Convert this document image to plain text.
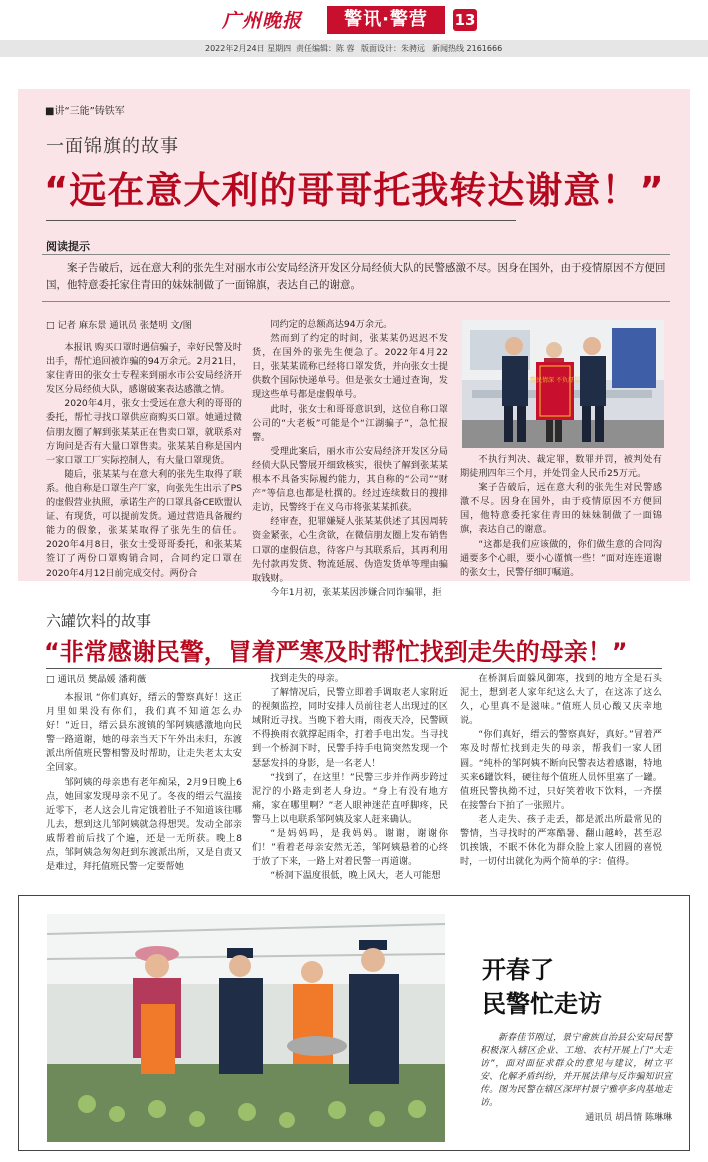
广州晚报	警讯·警营	13
2022年2月24日 星期四 责任编辑：陈 蓉 版面设计：朱骋远 新闻热线 2161666
■讲“三能”铸铁军
一面锦旗的故事
“远在意大利的哥哥托我转达谢意！”
阅读提示
案子告破后，远在意大利的张先生对丽水市公安局经济开发区分局经侦大队的民警感激不尽。因身在国外，由于疫情原因不方便回国，他特意委托家住青田的妹妹制做了一面锦旗，表达自己的谢意。
□ 记者 麻东景 通讯员 张楚明 文/图

本报讯 购买口罩时遇信骗子，幸好民警及时出手，帮忙追回被诈骗的94万余元。2月21日，家住青田的张女士专程来到丽水市公安局经济开发区分局经侦大队，感谢破案表达感激之情。

2020年4月，张女士受远在意大利的哥哥的委托，帮忙寻找口罩供应商购买口罩。她通过微信朋友圈了解到张某某正在售卖口罩，就联系对方询问是否有大量口罩售卖。张某某自称是国内一家口罩工厂实际控制人，有大量口罩现货。

随后，张某某与在意大利的张先生取得了联系。他自称是口罩生产厂家，向张先生出示了PS的虚假营业执照，承诺生产的口罩具备CE欧盟认证、有现货，可以提前发货。通过营造具备履约能力的假象，张某某取得了张先生的信任。2020年4月8日，张女士受哥哥委托，和张某某签订了两份口罩购销合同，合同约定口罩在2020年4月12日前完成交付。两份合

同约定的总额高达94万余元。

然而到了约定的时间，张某某仍迟迟不发货，在国外的张先生便急了。2022年4月22日，张某某谎称已经将口罩发货，并向张女士提供数个国际快递单号。但是张女士通过查询，发现这些单号都是虚假单号。

此时，张女士和哥哥意识到，这位自称口罩公司的“大老板”可能是个“江湖骗子”，急忙报警。

受理此案后，丽水市公安局经济开发区分局经侦大队民警展开细致核实，很快了解到张某某根本不具备实际履约能力，其自称的“公司”“财产”等信息也都是杜撰的。经过连续数日的搜排走访，民警终于在义乌市将张某某抓获。

经审查，犯罪嫌疑人张某某供述了其因周转资金紧张，心生贪欲，在微信朋友圈上发布销售口罩的虚假信息，待客户与其联系后，其再利用先付款再发货、物流延展、伪造发货单等理由骗取钱财。

今年1月初，张某某因涉嫌合同诈骗罪，拒

警民情深 不负厚望

不执行判决、裁定罪，数罪并罚，被判处有期徒刑四年三个月，并处罚金人民币25万元。

案子告破后，远在意大利的张先生对民警感激不尽。因身在国外，由于疫情原因不方便回国，他特意委托家住青田的妹妹制做了一面锦旗，表达自己的谢意。

“这都是我们应该做的，你们做生意的合同沟通要多个心眼，要小心谨慎一些！”面对连连道谢的张女士，民警仔细叮嘱道。

六罐饮料的故事
“非常感谢民警，冒着严寒及时帮忙找到走失的母亲！”
□ 通讯员 樊晶媛 潘莉薇

本报讯 “你们真好，缙云的警察真好！这正月里如果没有你们，我们真不知道怎么办好！”近日，缙云县东渡镇的邹阿姨感激地向民警一路道谢，她的母亲当天下午外出未归，东渡派出所值班民警相警及时帮助，让走失老太太安全回家。

邹阿姨的母亲患有老年痴呆，2月9日晚上6点，她回家发现母亲不见了。冬夜的缙云气温接近零下，老人这会儿肯定饿着肚子不知道该往哪儿去，想到这儿邹阿姨就急得想哭。发动全部亲戚帮着前后找了个遍，还是一无所获。晚上8点，邹阿姨急匆匆赶到东渡派出所，又是自责又是难过，拜托值班民警一定要帮她

找到走失的母亲。

了解情况后，民警立即着手调取老人家附近的视频监控，同时安排人员前往老人出现过的区域附近寻找。当晚下着大雨，雨夜天冷，民警顾不得换雨衣就撑起雨伞，打着手电出发。当寻找到一个桥洞下时，民警手持手电筒突然发现一个瑟瑟发抖的身影，是一名老人！

“找到了，在这里！”民警三步并作两步跨过泥泞的小路走到老人身边。“身上有没有地方痛，家在哪里啊？”老人眼神迷茫直呼脚疼，民警马上以电联系邹阿姨及家人赶来确认。

“是妈妈吗，是我妈妈。谢谢，谢谢你们！”看着老母亲安然无恙，邹阿姨悬着的心终于放了下来，一路上对着民警一再道谢。

“桥洞下温度很低，晚上风大，老人可能想

在桥洞后面躲风御寒，找到的地方全是石头泥土，想到老人家年纪这么大了，在这冻了这么久，心里真不是滋味。”值班人员心酸又庆幸地说。

“你们真好，缙云的警察真好，真好。”冒着严寒及时帮忙找到走失的母亲，帮我们一家人团圆。“纯朴的邹阿姨不断向民警表达着感谢，特地买来6罐饮料，硬往每个值班人员怀里塞了一罐。值班民警执拗不过，只好笑着收下饮料，一齐摆在接警台下拍了一张照片。

老人走失、孩子走丢，都是派出所最常见的警情，当寻找时的严寒酷暑、翻山越岭，甚至忍饥挨饿，不眠不休化为群众脸上家人团圆的喜悦时，一切付出就化为两个简单的字：值得。

开春了
民警忙走访
新春佳节刚过，景宁畲族自治县公安局民警积极深入辖区企业、工地、农村开展上门“大走访”，面对面征求群众的意见与建议，树立平安、化解矛盾纠纷，并开展法律与反诈骗知识宣传。图为民警在辖区深坪村景宁雅亭多肉基地走访。
通讯员 胡昌情 陈琳琳
